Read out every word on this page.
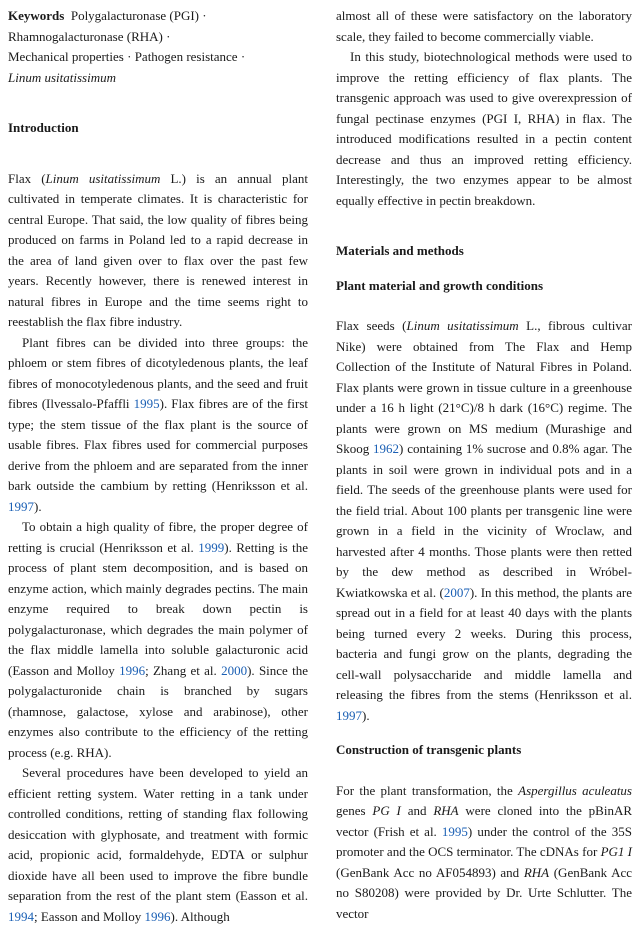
Keywords Polygalacturonase (PGI) ·
Rhamnogalacturonase (RHA) ·
Mechanical properties · Pathogen resistance ·
Linum usitatissimum
Introduction

Flax (Linum usitatissimum L.) is an annual plant cultivated in temperate climates. It is characteristic for central Europe. That said, the low quality of fibres being produced on farms in Poland led to a rapid decrease in the area of land given over to flax over the past few years. Recently however, there is renewed interest in natural fibres in Europe and the time seems right to reestablish the flax fibre industry.

Plant fibres can be divided into three groups: the phloem or stem fibres of dicotyledenous plants, the leaf fibres of monocotyledenous plants, and the seed and fruit fibres (Ilvessalo-Pfaffli 1995). Flax fibres are of the first type; the stem tissue of the flax plant is the source of usable fibres. Flax fibres used for commercial purposes derive from the phloem and are separated from the inner bark outside the cambium by retting (Henriksson et al. 1997).

To obtain a high quality of fibre, the proper degree of retting is crucial (Henriksson et al. 1999). Retting is the process of plant stem decomposition, and is based on enzyme action, which mainly degrades pectins. The main enzyme required to break down pectin is polygalacturonase, which degrades the main polymer of the flax middle lamella into soluble galacturonic acid (Easson and Molloy 1996; Zhang et al. 2000). Since the polygalacturonide chain is branched by sugars (rhamnose, galactose, xylose and arabinose), other enzymes also contribute to the efficiency of the retting process (e.g. RHA).

Several procedures have been developed to yield an efficient retting system. Water retting in a tank under controlled conditions, retting of standing flax following desiccation with glyphosate, and treatment with formic acid, propionic acid, formaldehyde, EDTA or sulphur dioxide have all been used to improve the fibre bundle separation from the rest of the plant stem (Easson et al. 1994; Easson and Molloy 1996). Although

almost all of these were satisfactory on the laboratory scale, they failed to become commercially viable.

In this study, biotechnological methods were used to improve the retting efficiency of flax plants. The transgenic approach was used to give overexpression of fungal pectinase enzymes (PGI I, RHA) in flax. The introduced modifications resulted in a pectin content decrease and thus an improved retting efficiency. Interestingly, the two enzymes appear to be almost equally effective in pectin breakdown.

Materials and methods
Plant material and growth conditions

Flax seeds (Linum usitatissimum L., fibrous cultivar Nike) were obtained from The Flax and Hemp Collection of the Institute of Natural Fibres in Poland. Flax plants were grown in tissue culture in a greenhouse under a 16 h light (21°C)/8 h dark (16°C) regime. The plants were grown on MS medium (Murashige and Skoog 1962) containing 1% sucrose and 0.8% agar. The plants in soil were grown in individual pots and in a field. The seeds of the greenhouse plants were used for the field trial. About 100 plants per transgenic line were grown in a field in the vicinity of Wroclaw, and harvested after 4 months. Those plants were then retted by the dew method as described in Wróbel-Kwiatkowska et al. (2007). In this method, the plants are spread out in a field for at least 40 days with the plants being turned every 2 weeks. During this process, bacteria and fungi grow on the plants, degrading the cell-wall polysaccharide and middle lamella and releasing the fibres from the stems (Henriksson et al. 1997).

Construction of transgenic plants

For the plant transformation, the Aspergillus aculeatus genes PG I and RHA were cloned into the pBinAR vector (Frish et al. 1995) under the control of the 35S promoter and the OCS terminator. The cDNAs for PG1 I (GenBank Acc no AF054893) and RHA (GenBank Acc no S80208) were provided by Dr. Urte Schlutter. The vector
